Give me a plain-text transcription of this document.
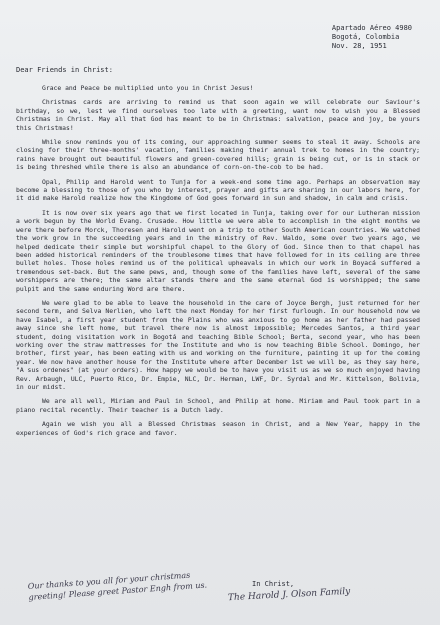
Apartado Aéreo 4980
Bogotá, Colombia
Nov. 28, 1951
Dear Friends in Christ:

Grace and Peace be multiplied unto you in Christ Jesus!

Christmas cards are arriving to remind us that soon again we will celebrate our Saviour's birthday, so we, lest we find ourselves too late with a greeting, want now to wish you a Blessed Christmas in Christ. May all that God has meant to be in Christmas: salvation, peace and joy, be yours this Christmas!

While snow reminds you of its coming, our approaching summer seems to steal it away. Schools are closing for their three-months' vacation, families making their annual trek to homes in the country; rains have brought out beautiful flowers and green-covered hills; grain is being cut, or is in stack or is being threshed while there is also an abundance of corn-on-the-cob to be had.

Opal, Philip and Harold went to Tunja for a week-end some time ago. Perhaps an observation may become a blessing to those of you who by interest, prayer and gifts are sharing in our labors here, for it did make Harold realize how the Kingdome of God goes forward in sun and shadow, in calm and crisis.

It is now over six years ago that we first located in Tunja, taking over for our Lutheran mission a work begun by the World Evang. Crusade. How little we were able to accomplish in the eight months we were there before Morck, Thoresen and Harold went on a trip to other South American countries. We watched the work grow in the succeeding years and in the ministry of Rev. Waldo, some over two years ago, we helped dedicate their simple but worshipful chapel to the Glory of God. Since then to that chapel has been added historical reminders of the troublesome times that have followed for in its ceiling are three bullet holes. Those holes remind us of the political upheavals in which our work in Boyacá suffered a tremendous set-back. But the same pews, and, though some of the families have left, several of the same worshippers are there; the same altar stands there and the same eternal God is worshipped; the same pulpit and the same enduring Word are there.

We were glad to be able to leave the household in the care of Joyce Bergh, just returned for her second term, and Selva Nerlien, who left the next Monday for her first furlough. In our household now we have Isabel, a first year student from the Plains who was anxious to go home as her father had passed away since she left home, but travel there now is almost impossible; Mercedes Santos, a third year student, doing visitation work in Bogotá and teaching Bible School; Berta, second year, who has been working over the straw mattresses for the Institute and who is now teaching Bible School. Domingo, her brother, first year, has been eating with us and working on the furniture, painting it up for the coming year. We now have another house for the Institute where after December 1st we will be, as they say here, "A sus ordenes" (at your orders). How happy we would be to have you visit us as we so much enjoyed having Rev. Arbaugh, ULC, Puerto Rico, Dr. Empie, NLC, Dr. Herman, LWF, Dr. Syrdal and Mr. Kittelson, Bolivia, in our midst.

We are all well, Miriam and Paul in School, and Philip at home. Miriam and Paul took part in a piano recital recently. Their teacher is a Dutch lady.

Again we wish you all a Blessed Christmas season in Christ, and a New Year, happy in the experiences of God's rich grace and favor.

In Christ,
Our thanks to you all for your christmas greeting! Please greet Pastor Engh from us.	The Harold J. Olson Family
